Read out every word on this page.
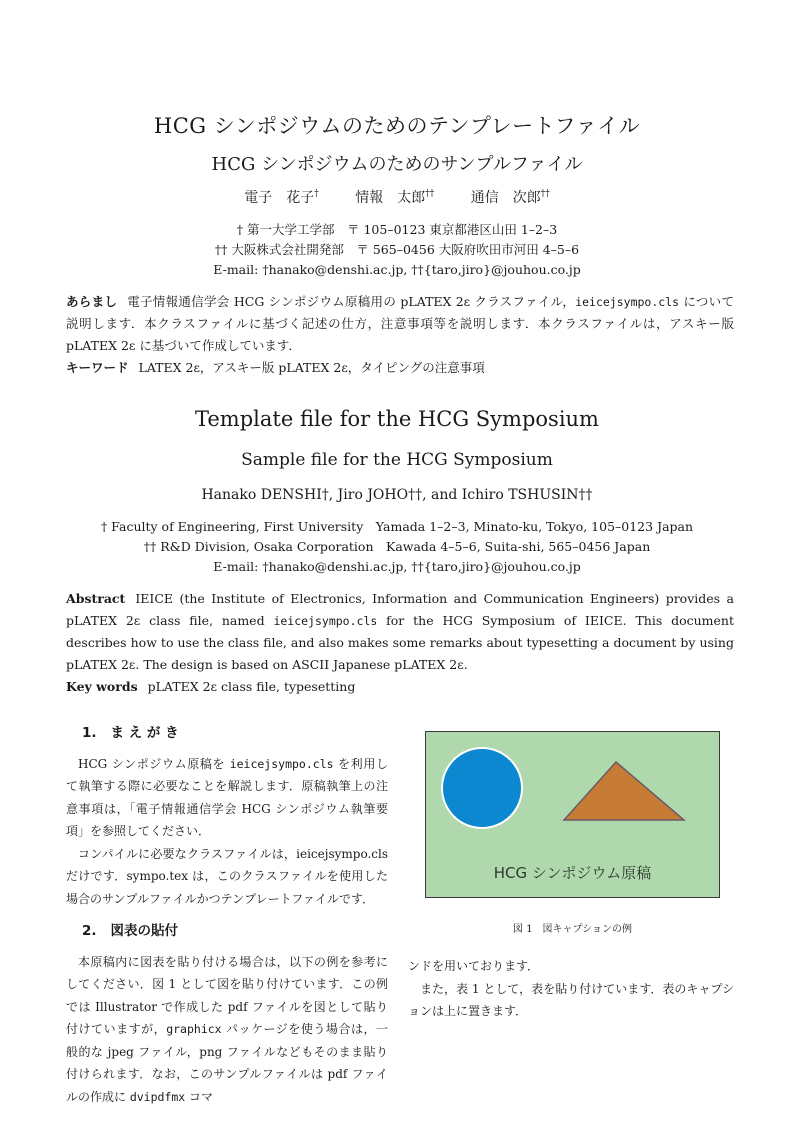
HCG シンポジウムのためのテンプレートファイル
HCG シンポジウムのためのサンプルファイル
電子　花子†	情報　太郎††	通信　次郎††
† 第一大学工学部　〒 105–0123 東京都港区山田 1–2–3
†† 大阪株式会社開発部　〒 565–0456 大阪府吹田市河田 4–5–6
E-mail: †hanako@denshi.ac.jp, ††{taro,jiro}@jouhou.co.jp
あらまし 電子情報通信学会 HCG シンポジウム原稿用の pLATEX 2ε クラスファイル，ieicejsympo.cls について説明します．本クラスファイルに基づく記述の仕方，注意事項等を説明します．本クラスファイルは，アスキー版 pLATEX 2ε に基づいて作成しています．
キーワード LATEX 2ε，アスキー版 pLATEX 2ε，タイピングの注意事項
Template file for the HCG Symposium
Sample file for the HCG Symposium
Hanako DENSHI†, Jiro JOHO††, and Ichiro TSHUSIN††
† Faculty of Engineering, First University　Yamada 1–2–3, Minato-ku, Tokyo, 105–0123 Japan
†† R&D Division, Osaka Corporation　Kawada 4–5–6, Suita-shi, 565–0456 Japan
E-mail: †hanako@denshi.ac.jp, ††{taro,jiro}@jouhou.co.jp
Abstract IEICE (the Institute of Electronics, Information and Communication Engineers) provides a pLATEX 2ε class file, named ieicejsympo.cls for the HCG Symposium of IEICE. This document describes how to use the class file, and also makes some remarks about typesetting a document by using pLATEX 2ε. The design is based on ASCII Japanese pLATEX 2ε.
Key words pLATEX 2ε class file, typesetting
1. ま え が き

HCG シンポジウム原稿を ieicejsympo.cls を利用して執筆する際に必要なことを解説します．原稿執筆上の注意事項は，「電子情報通信学会 HCG シンポジウム執筆要項」を参照してください．

コンパイルに必要なクラスファイルは，ieicejsympo.cls だけです．sympo.tex は，このクラスファイルを使用した場合のサンプルファイルかつテンプレートファイルです．

2. 図表の貼付

本原稿内に図表を貼り付ける場合は，以下の例を参考にしてください．図 1 として図を貼り付けています．この例では Illustrator で作成した pdf ファイルを図として貼り付けていますが，graphicx パッケージを使う場合は，一般的な jpeg ファイル，png ファイルなどもそのまま貼り付けられます．なお，このサンプルファイルは pdf ファイルの作成に dvipdfmx コマ

HCG シンポジウム原稿
図 1　図キャプションの例

ンドを用いております．

また，表 1 として，表を貼り付けています．表のキャプションは上に置きます．
